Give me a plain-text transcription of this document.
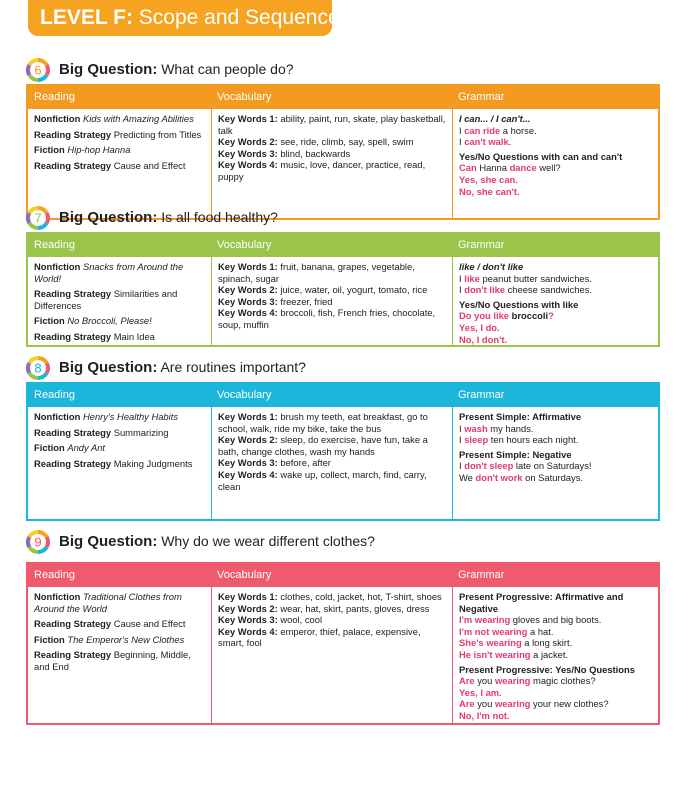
LEVEL F: Scope and Sequence
6 Big Question: What can people do?
Reading	Vocabulary	Grammar
Nonfiction Kids with Amazing Abilities
Reading Strategy Predicting from Titles
Fiction Hip-hop Hanna
Reading Strategy Cause and Effect
Key Words 1: ability, paint, run, skate, play basketball, talk
Key Words 2: see, ride, climb, say, spell, swim
Key Words 3: blind, backwards
Key Words 4: music, love, dancer, practice, read, puppy
I can... / I can't...
I can ride a horse.
I can't walk.
Yes/No Questions with can and can't
Can Hanna dance well?
Yes, she can.
No, she can't.
7 Big Question: Is all food healthy?
Reading	Vocabulary	Grammar
Nonfiction Snacks from Around the World!
Reading Strategy Similarities and Differences
Fiction No Broccoli, Please!
Reading Strategy Main Idea
Key Words 1: fruit, banana, grapes, vegetable, spinach, sugar
Key Words 2: juice, water, oil, yogurt, tomato, rice
Key Words 3: freezer, fried
Key Words 4: broccoli, fish, French fries, chocolate, soup, muffin
like / don't like
I like peanut butter sandwiches.
I don't like cheese sandwiches.
Yes/No Questions with like
Do you like broccoli?
Yes, I do.
No, I don't.
8 Big Question: Are routines important?
Reading	Vocabulary	Grammar
Nonfiction Henry's Healthy Habits
Reading Strategy Summarizing
Fiction Andy Ant
Reading Strategy Making Judgments
Key Words 1: brush my teeth, eat breakfast, go to school, walk, ride my bike, take the bus
Key Words 2: sleep, do exercise, have fun, take a bath, change clothes, wash my hands
Key Words 3: before, after
Key Words 4: wake up, collect, march, find, carry, clean
Present Simple: Affirmative
I wash my hands.
I sleep ten hours each night.
Present Simple: Negative
I don't sleep late on Saturdays!
We don't work on Saturdays.
9 Big Question: Why do we wear different clothes?
Reading	Vocabulary	Grammar
Nonfiction Traditional Clothes from Around the World
Reading Strategy Cause and Effect
Fiction The Emperor's New Clothes
Reading Strategy Beginning, Middle, and End
Key Words 1: clothes, cold, jacket, hot, T-shirt, shoes
Key Words 2: wear, hat, skirt, pants, gloves, dress
Key Words 3: wool, cool
Key Words 4: emperor, thief, palace, expensive, smart, fool
Present Progressive: Affirmative and Negative
I'm wearing gloves and big boots.
I'm not wearing a hat.
She's wearing a long skirt.
He isn't wearing a jacket.
Present Progressive: Yes/No Questions
Are you wearing magic clothes?
Yes, I am.
Are you wearing your new clothes?
No, I'm not.
